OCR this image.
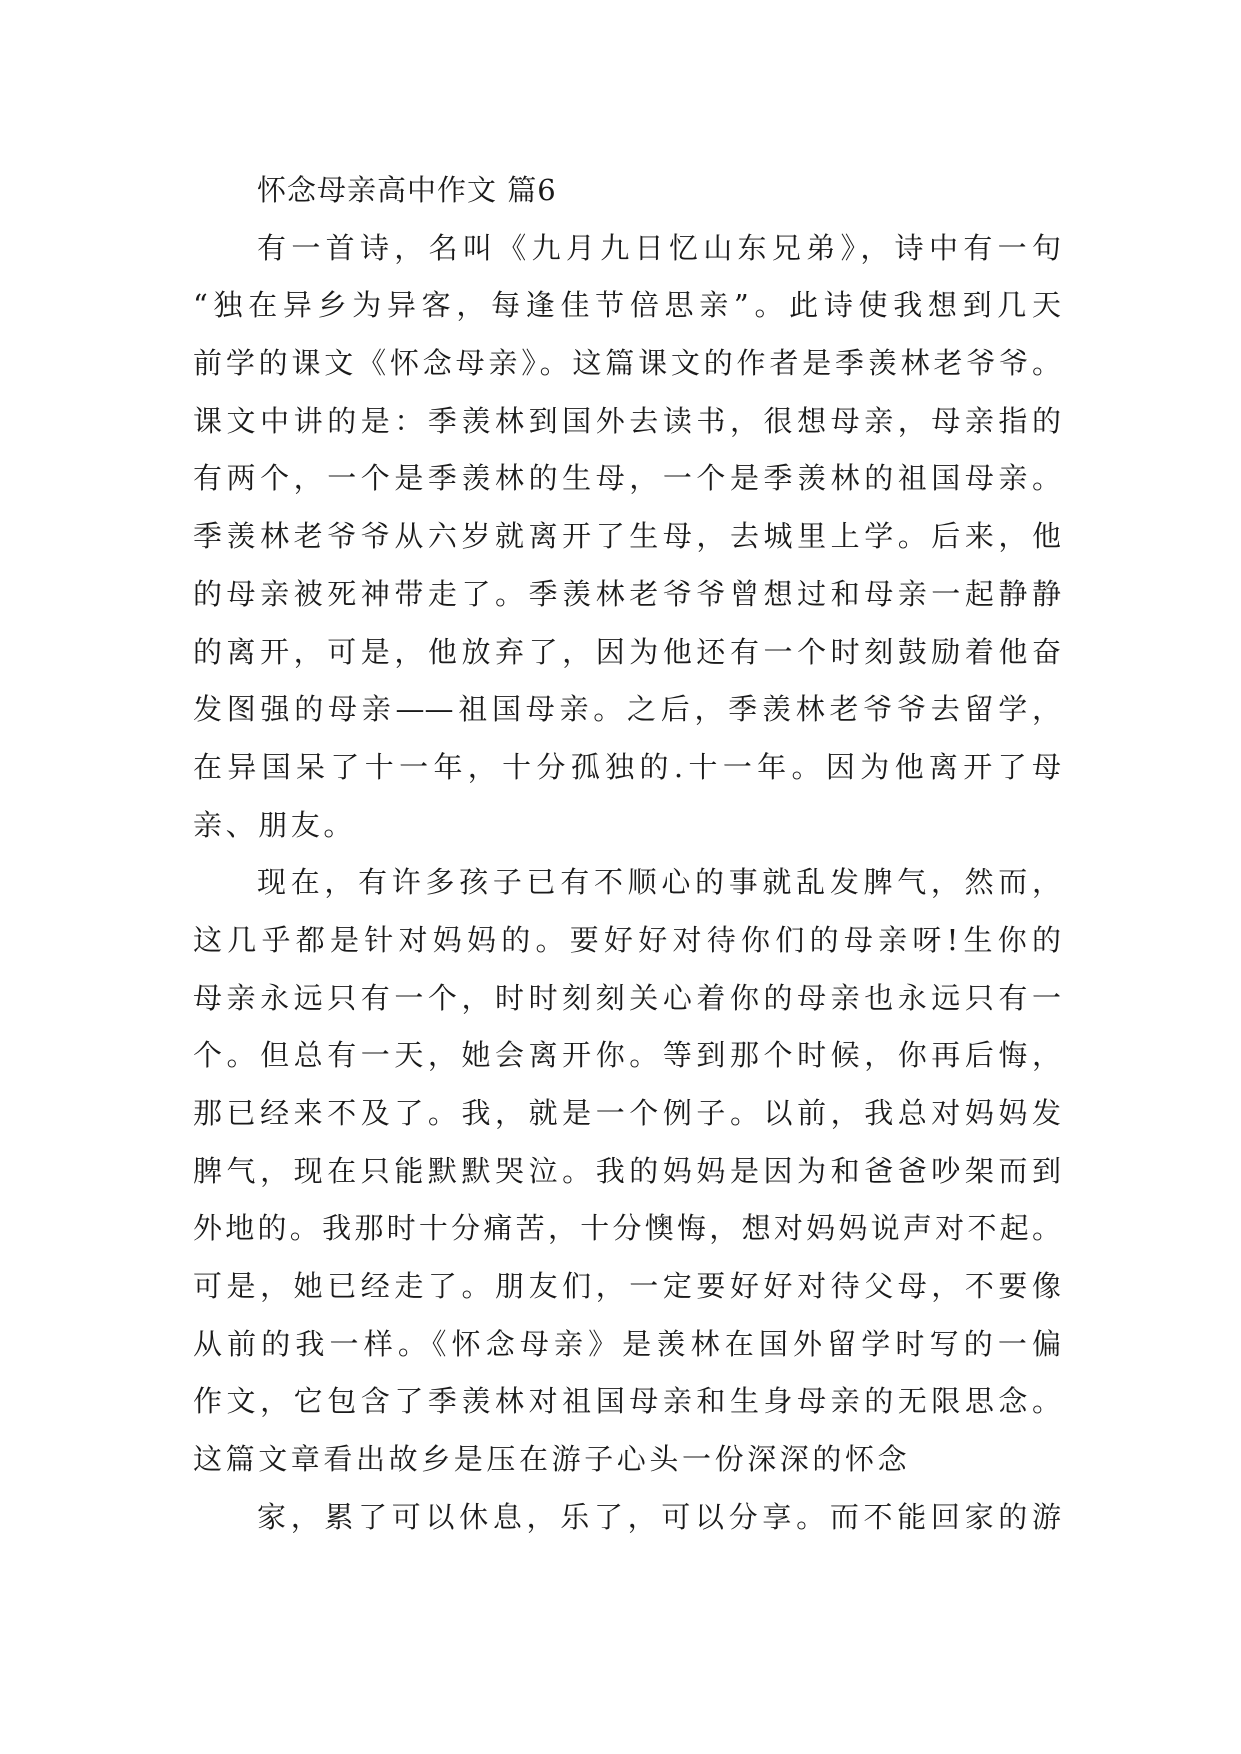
怀念母亲高中作文 篇6
有一首诗，名叫《九月九日忆山东兄弟》，诗中有一句
“独在异乡为异客，每逢佳节倍思亲”。此诗使我想到几天
前学的课文《怀念母亲》。这篇课文的作者是季羡林老爷爷。
课文中讲的是：季羡林到国外去读书，很想母亲，母亲指的
有两个，一个是季羡林的生母，一个是季羡林的祖国母亲。
季羡林老爷爷从六岁就离开了生母，去城里上学。后来，他
的母亲被死神带走了。季羡林老爷爷曾想过和母亲一起静静
的离开，可是，他放弃了，因为他还有一个时刻鼓励着他奋
发图强的母亲——祖国母亲。之后，季羡林老爷爷去留学，
在异国呆了十一年，十分孤独的.十一年。因为他离开了母
亲、朋友。
现在，有许多孩子已有不顺心的事就乱发脾气，然而，
这几乎都是针对妈妈的。要好好对待你们的母亲呀!生你的
母亲永远只有一个，时时刻刻关心着你的母亲也永远只有一
个。但总有一天，她会离开你。等到那个时候，你再后悔，
那已经来不及了。我，就是一个例子。以前，我总对妈妈发
脾气，现在只能默默哭泣。我的妈妈是因为和爸爸吵架而到
外地的。我那时十分痛苦，十分懊悔，想对妈妈说声对不起。
可是，她已经走了。朋友们，一定要好好对待父母，不要像
从前的我一样。《怀念母亲》是羡林在国外留学时写的一偏
作文，它包含了季羡林对祖国母亲和生身母亲的无限思念。
这篇文章看出故乡是压在游子心头一份深深的怀念
家，累了可以休息，乐了，可以分享。而不能回家的游
